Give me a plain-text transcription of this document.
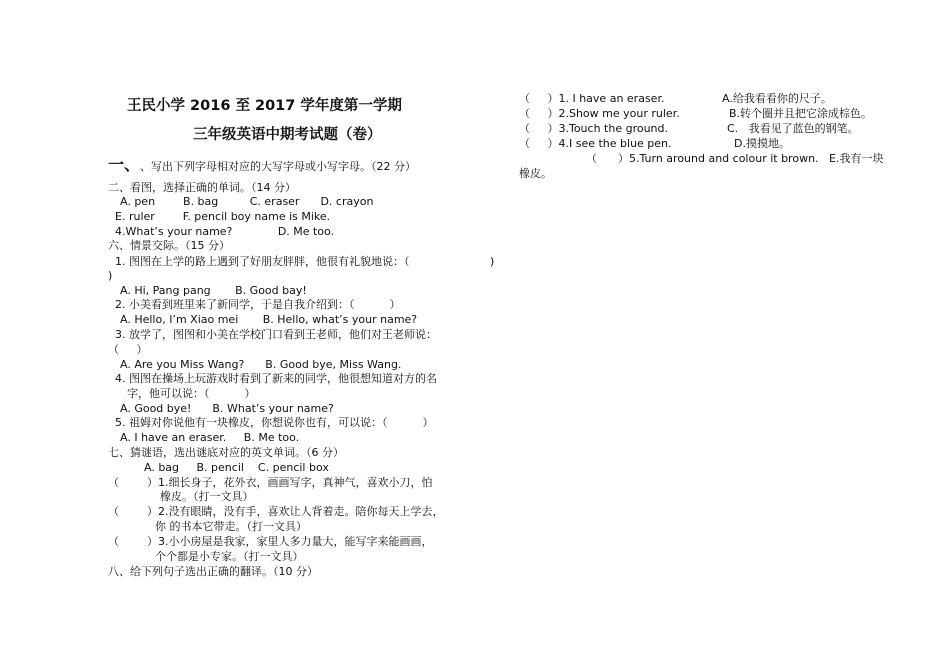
王民小学 2016 至 2017 学年度第一学期
三年级英语中期考试题（卷）
一、 、写出下列字母相对应的大写字母或小写字母。（22 分）
二、看图，选择正确的单词。（14 分）
A. pen        B. bag         C. eraser      D. crayon
E. ruler        F. pencil boy name is Mike.
4.What’s your name?             D. Me too.
六、情景交际。（15 分）
1. 图图在上学的路上遇到了好朋友胖胖，他很有礼貌地说：（	)
)
A. Hi, Pang pang       B. Good bay!
2. 小美看到班里来了新同学，于是自我介绍到：（          ）
A. Hello, I’m Xiao mei       B. Hello, what’s your name?
3. 放学了，图图和小美在学校门口看到王老师，他们对王老师说：
（     ）
A. Are you Miss Wang?      B. Good bye, Miss Wang.
4. 图图在操场上玩游戏时看到了新来的同学，他很想知道对方的名
字，他可以说：（          ）
A. Good bye!      B. What’s your name?
5. 祖姆对你说他有一块橡皮，你想说你也有，可以说：（          ）
A. I have an eraser.     B. Me too.
七、猜谜语，选出谜底对应的英文单词。（6 分）
A. bag     B. pencil    C. pencil box
（        ）1.细长身子，花外衣，画画写字，真神气，喜欢小刀，怕
橡皮。（打一文具）
（        ）2.没有眼睛，没有手，喜欢让人背着走。陪你每天上学去，
你 的书本它带走。（打一文具）
（        ）3.小小房屋是我家，家里人多力量大，能写字来能画画，
个个都是小专家。（打一文具）
八、给下列句子选出正确的翻译。（10 分）
（     ）1. I have an eraser.	A.给我看看你的尺子。
（     ）2.Show me your ruler.	B.转个圈并且把它涂成棕色。
（     ）3.Touch the ground.	C.   我看见了蓝色的钢笔。
（     ）4.I see the blue pen.	D.摸摸地。
（      ）5.Turn around and colour it brown. E.我有一块
橡皮。
